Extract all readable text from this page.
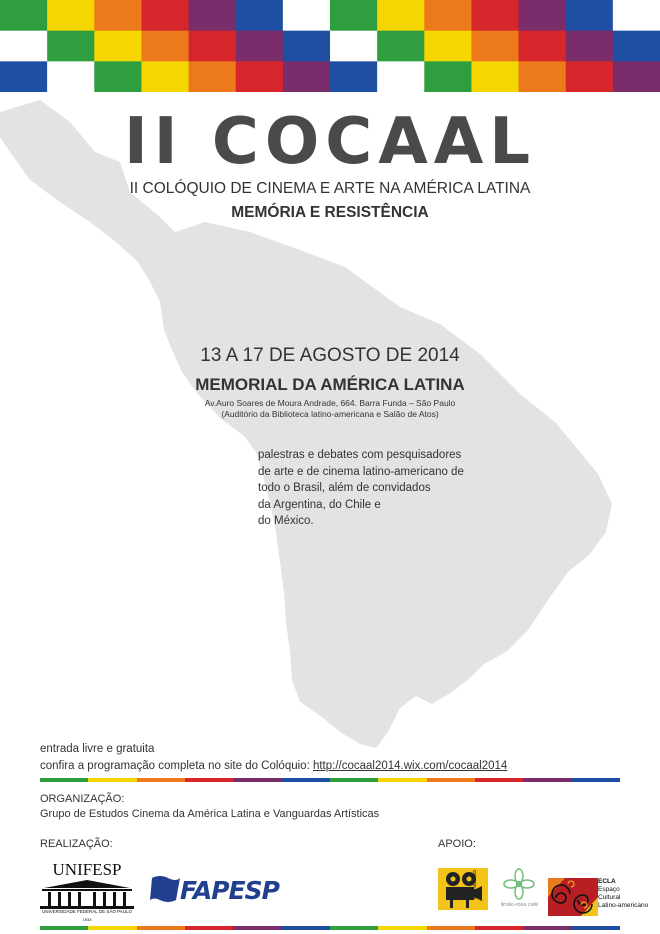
II COCAAL
II COLÓQUIO DE CINEMA E ARTE NA AMÉRICA LATINA
MEMÓRIA E RESISTÊNCIA
13 A 17 DE AGOSTO DE 2014
MEMORIAL DA AMÉRICA LATINA
Av.Auro Soares de Moura Andrade, 664. Barra Funda – São Paulo
(Auditório da Biblioteca latino-americana e Salão de Atos)
palestras e debates com pesquisadores
de arte e de cinema latino-americano de
todo o Brasil, além de convidados
da Argentina, do Chile e
do México.
entrada livre e gratuita
confira a programação completa no site do Colóquio: http://cocaal2014.wix.com/cocaal2014
ORGANIZAÇÃO:
Grupo de Estudos Cinema da América Latina e Vanguardas Artísticas
REALIZAÇÃO:	APOIO:
UNIFESP
UNIVERSIDADE FEDERAL DE SÃO PAULO
1933
FAPESP	CINESTUDOS
limão-rosa café
ECLA
Espaço
Cultural
Latino-americano
